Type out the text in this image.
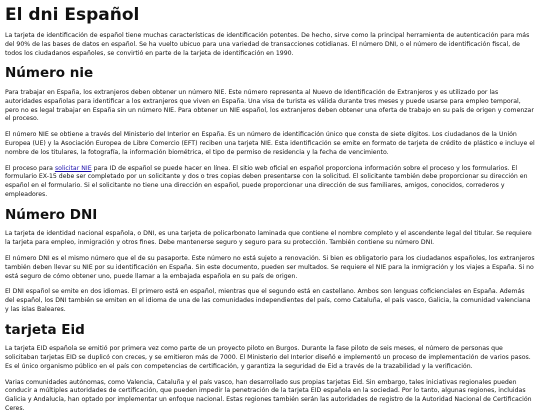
El dni Español

La tarjeta de identificación de español tiene muchas características de identificación potentes. De hecho, sirve como la principal herramienta de autenticación para más del 90% de las bases de datos en español. Se ha vuelto ubicuo para una variedad de transacciones cotidianas. El número DNI, o el número de identificación fiscal, de todos los ciudadanos españoles, se convirtió en parte de la tarjeta de identificación en 1990.

Número nie

Para trabajar en España, los extranjeros deben obtener un número NIE. Este número representa al Nuevo de Identificación de Extranjeros y es utilizado por las autoridades españolas para identificar a los extranjeros que viven en España. Una visa de turista es válida durante tres meses y puede usarse para empleo temporal, pero no es legal trabajar en España sin un número NIE. Para obtener un NIE español, los extranjeros deben obtener una oferta de trabajo en su país de origen y comenzar el proceso.

El número NIE se obtiene a través del Ministerio del Interior en España. Es un número de identificación único que consta de siete dígitos. Los ciudadanos de la Unión Europea (UE) y la Asociación Europea de Libre Comercio (EFT) reciben una tarjeta NIE. Esta identificación se emite en formato de tarjeta de crédito de plástico e incluye el nombre de los titulares, la fotografía, la información biométrica, el tipo de permiso de residencia y la fecha de vencimiento.

El proceso para solicitar NIE para ID de español se puede hacer en línea. El sitio web oficial en español proporciona información sobre el proceso y los formularios. El formulario EX-15 debe ser completado por un solicitante y dos o tres copias deben presentarse con la solicitud. El solicitante también debe proporcionar su dirección en español en el formulario. Si el solicitante no tiene una dirección en español, puede proporcionar una dirección de sus familiares, amigos, conocidos, correderos y empleadores.

Número DNI

La tarjeta de identidad nacional española, o DNI, es una tarjeta de policarbonato laminada que contiene el nombre completo y el ascendente legal del titular. Se requiere la tarjeta para empleo, inmigración y otros fines. Debe mantenerse seguro y seguro para su protección. También contiene su número DNI.

El número DNI es el mismo número que el de su pasaporte. Este número no está sujeto a renovación. Si bien es obligatorio para los ciudadanos españoles, los extranjeros también deben llevar su NIE por su identificación en España. Sin este documento, pueden ser multados. Se requiere el NIE para la inmigración y los viajes a España. Si no está seguro de cómo obtener uno, puede llamar a la embajada española en su país de origen.

El DNI español se emite en dos idiomas. El primero está en español, mientras que el segundo está en castellano. Ambos son lenguas coficienciales en España. Además del español, los DNI también se emiten en el idioma de una de las comunidades independientes del país, como Cataluña, el país vasco, Galicia, la comunidad valenciana y las islas Baleares.

tarjeta Eid

La tarjeta EID española se emitió por primera vez como parte de un proyecto piloto en Burgos. Durante la fase piloto de seis meses, el número de personas que solicitaban tarjetas EID se duplicó con creces, y se emitieron más de 7000. El Ministerio del Interior diseñó e implementó un proceso de implementación de varios pasos. Es el único organismo público en el país con competencias de certificación, y garantiza la seguridad de Eid a través de la trazabilidad y la verificación.

Varias comunidades autónomas, como Valencia, Cataluña y el país vasco, han desarrollado sus propias tarjetas Eid. Sin embargo, tales iniciativas regionales pueden conducir a múltiples autoridades de certificación, que pueden impedir la penetración de la tarjeta EID española en la sociedad. Por lo tanto, algunas regiones, incluidas Galicia y Andalucía, han optado por implementar un enfoque nacional. Estas regiones también serán las autoridades de registro de la Autoridad Nacional de Certificación Ceres.
